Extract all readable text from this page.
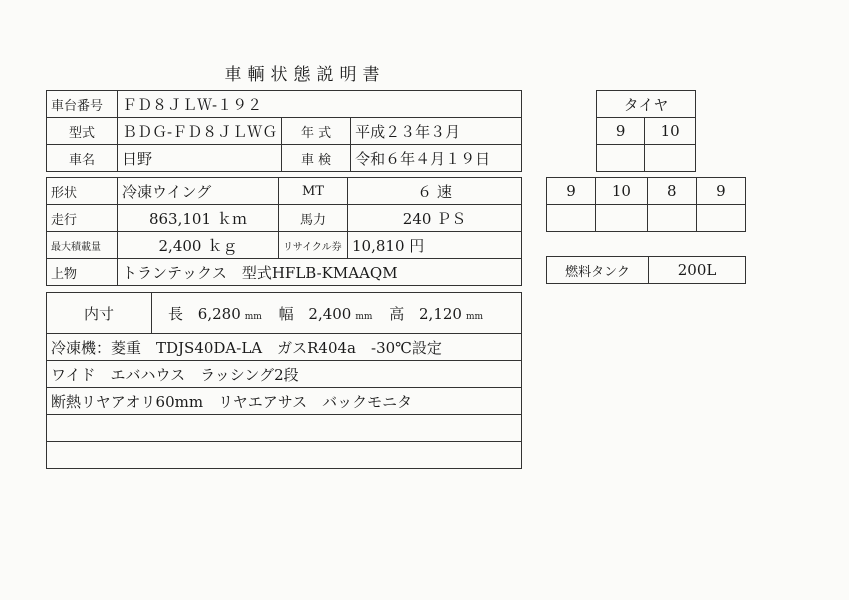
車輌状態説明書
車台番号	ＦＤ８ＪＬＷ-１９２		
型式	ＢＤＧ-ＦＤ８ＪＬＷＧ	年 式	平成２３年３月
車名	日野	車 検	令和６年４月１９日
形状	冷凍ウイング	MT	６ 速
走行	863,101 ｋｍ	馬力	240 ＰＳ
最大積載量	2,400 ｋｇ	リサイクル券	10,810 円
上物	トランテックス　型式HFLB-KMAAQM		
内寸	長 6,280 mm 幅 2,400 mm 高 2,120 mm
冷凍機：菱重　TDJS40DA-LA　ガスR404a　-30℃設定
ワイド　エバハウス　ラッシング2段
断熱リヤアオリ60mm　リヤエアサス　バックモニタ

タイヤ	
9	10

9	10	8	9

燃料タンク	200L
